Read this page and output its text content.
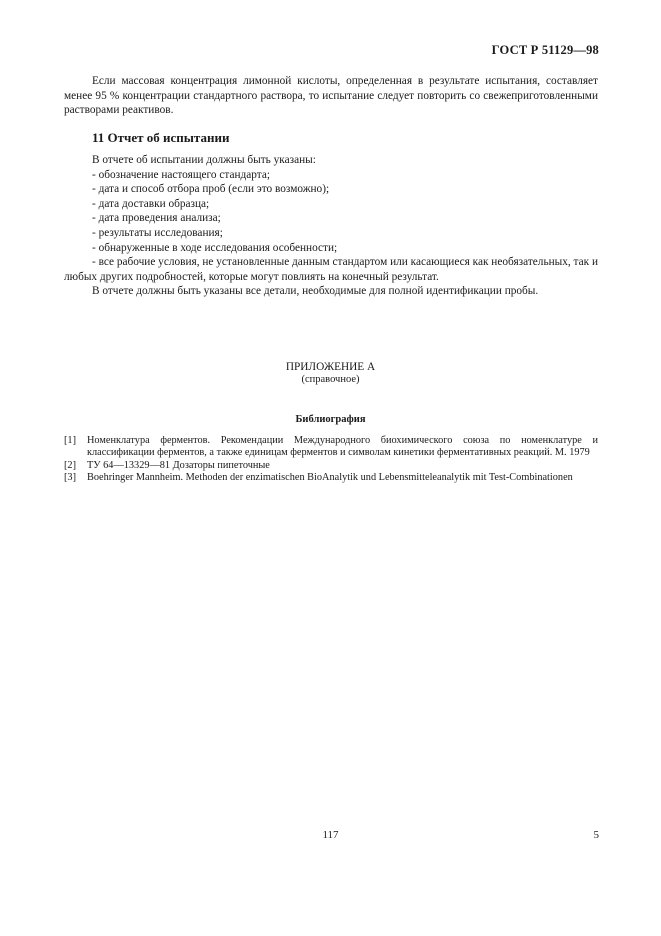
ГОСТ Р 51129—98

Если массовая концентрация лимонной кислоты, определенная в результате испытания, составляет менее 95 % концентрации стандартного раствора, то испытание следует повторить со свежеприготовленными растворами реактивов.

11 Отчет об испытании

В отчете об испытании должны быть указаны:

- обозначение настоящего стандарта;

- дата и способ отбора проб (если это возможно);

- дата доставки образца;

- дата проведения анализа;

- результаты исследования;

- обнаруженные в ходе исследования особенности;

- все рабочие условия, не установленные данным стандартом или касающиеся как необязательных, так и любых других подробностей, которые могут повлиять на конечный результат.

В отчете должны быть указаны все детали, необходимые для полной идентификации пробы.

ПРИЛОЖЕНИЕ А
(справочное)
Библиография
[1]	Номенклатура ферментов. Рекомендации Международного биохимического союза по номенклатуре и классификации ферментов, а также единицам ферментов и символам кинетики ферментативных реакций. М. 1979
[2]	ТУ 64—13329—81 Дозаторы пипеточные
[3]	Boehringer Mannheim. Methoden der enzimatischen BioAnalytik und Lebensmitteleanalytik mit Test-Combinationen
117	5
